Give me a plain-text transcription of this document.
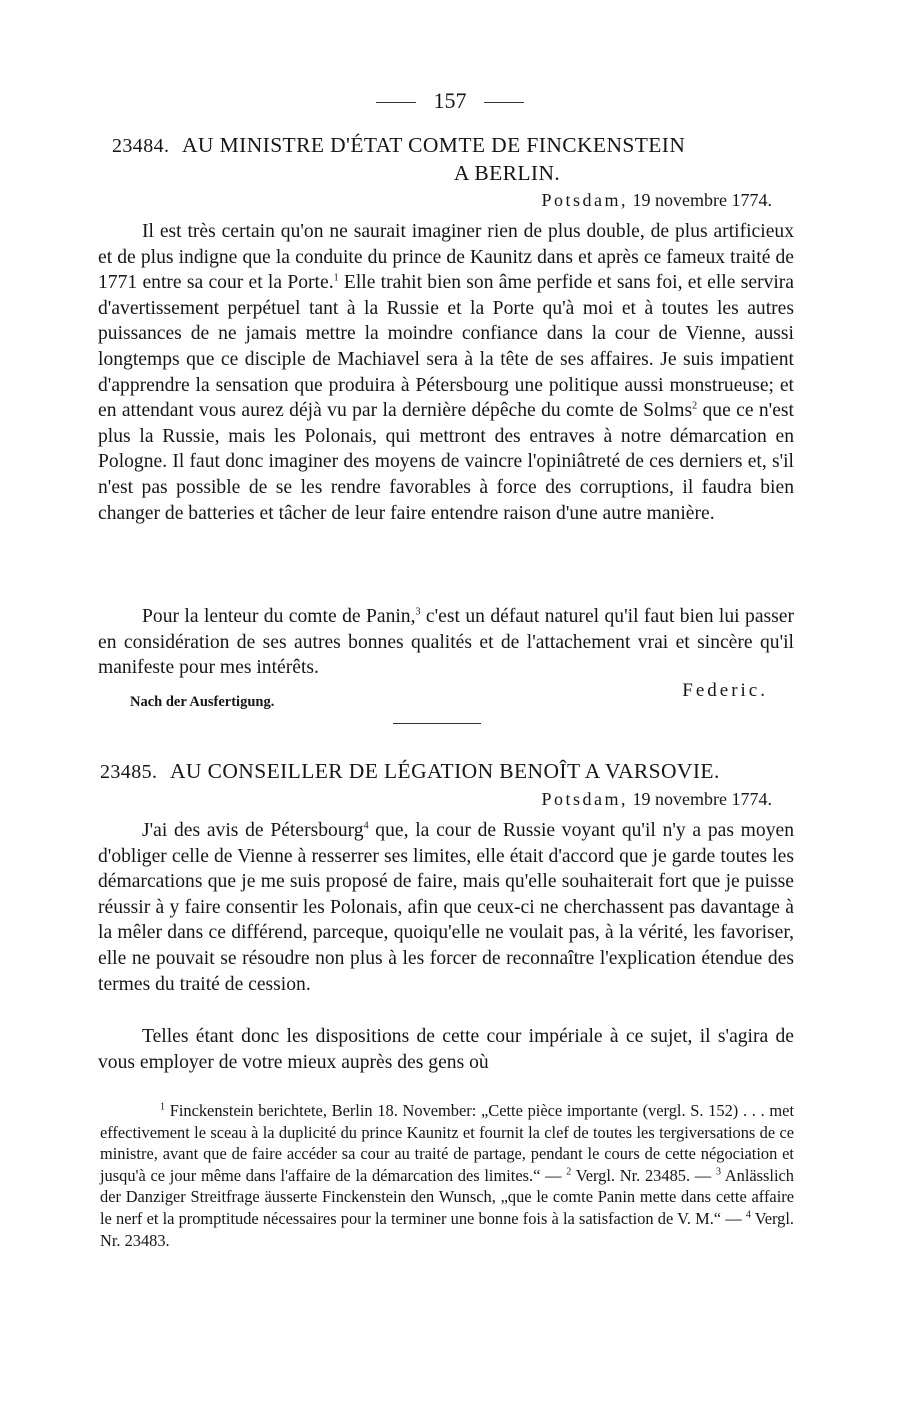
157
23484. AU MINISTRE D'ÉTAT COMTE DE FINCKENSTEIN
A BERLIN.
Potsdam, 19 novembre 1774.

Il est très certain qu'on ne saurait imaginer rien de plus double, de plus artificieux et de plus indigne que la conduite du prince de Kaunitz dans et après ce fameux traité de 1771 entre sa cour et la Porte.$^1$ Elle trahit bien son âme perfide et sans foi, et elle servira d'avertissement perpétuel tant à la Russie et la Porte qu'à moi et à toutes les autres puissances de ne jamais mettre la moindre confiance dans la cour de Vienne, aussi longtemps que ce disciple de Machiavel sera à la tête de ses affaires. Je suis impatient d'apprendre la sensation que produira à Pétersbourg une politique aussi monstrueuse; et en attendant vous aurez déjà vu par la dernière dépêche du comte de Solms$^2$ que ce n'est plus la Russie, mais les Polonais, qui mettront des entraves à notre démarcation en Pologne. Il faut donc imaginer des moyens de vaincre l'opiniâtreté de ces derniers et, s'il n'est pas possible de se les rendre favorables à force des corruptions, il faudra bien changer de batteries et tâcher de leur faire entendre raison d'une autre manière.

Pour la lenteur du comte de Panin,$^3$ c'est un défaut naturel qu'il faut bien lui passer en considération de ses autres bonnes qualités et de l'attachement vrai et sincère qu'il manifeste pour mes intérêts.

Nach der Ausfertigung.
Federic.
23485. AU CONSEILLER DE LÉGATION BENOÎT A VARSOVIE.
Potsdam, 19 novembre 1774.

J'ai des avis de Pétersbourg$^4$ que, la cour de Russie voyant qu'il n'y a pas moyen d'obliger celle de Vienne à resserrer ses limites, elle était d'accord que je garde toutes les démarcations que je me suis proposé de faire, mais qu'elle souhaiterait fort que je puisse réussir à y faire consentir les Polonais, afin que ceux-ci ne cherchassent pas davantage à la mêler dans ce différend, parceque, quoiqu'elle ne voulait pas, à la vérité, les favoriser, elle ne pouvait se résoudre non plus à les forcer de reconnaître l'explication étendue des termes du traité de cession.

Telles étant donc les dispositions de cette cour impériale à ce sujet, il s'agira de vous employer de votre mieux auprès des gens où

$^1$ Finckenstein berichtete, Berlin 18. November: „Cette pièce importante (vergl. S. 152) . . . met effectivement le sceau à la duplicité du prince Kaunitz et fournit la clef de toutes les tergiversations de ce ministre, avant que de faire accéder sa cour au traité de partage, pendant le cours de cette négociation et jusqu'à ce jour même dans l'affaire de la démarcation des limites.“ — $^2$ Vergl. Nr. 23485. — $^3$ Anlässlich der Danziger Streitfrage äusserte Finckenstein den Wunsch, „que le comte Panin mette dans cette affaire le nerf et la promptitude nécessaires pour la terminer une bonne fois à la satisfaction de V. M.“ — $^4$ Vergl. Nr. 23483.
